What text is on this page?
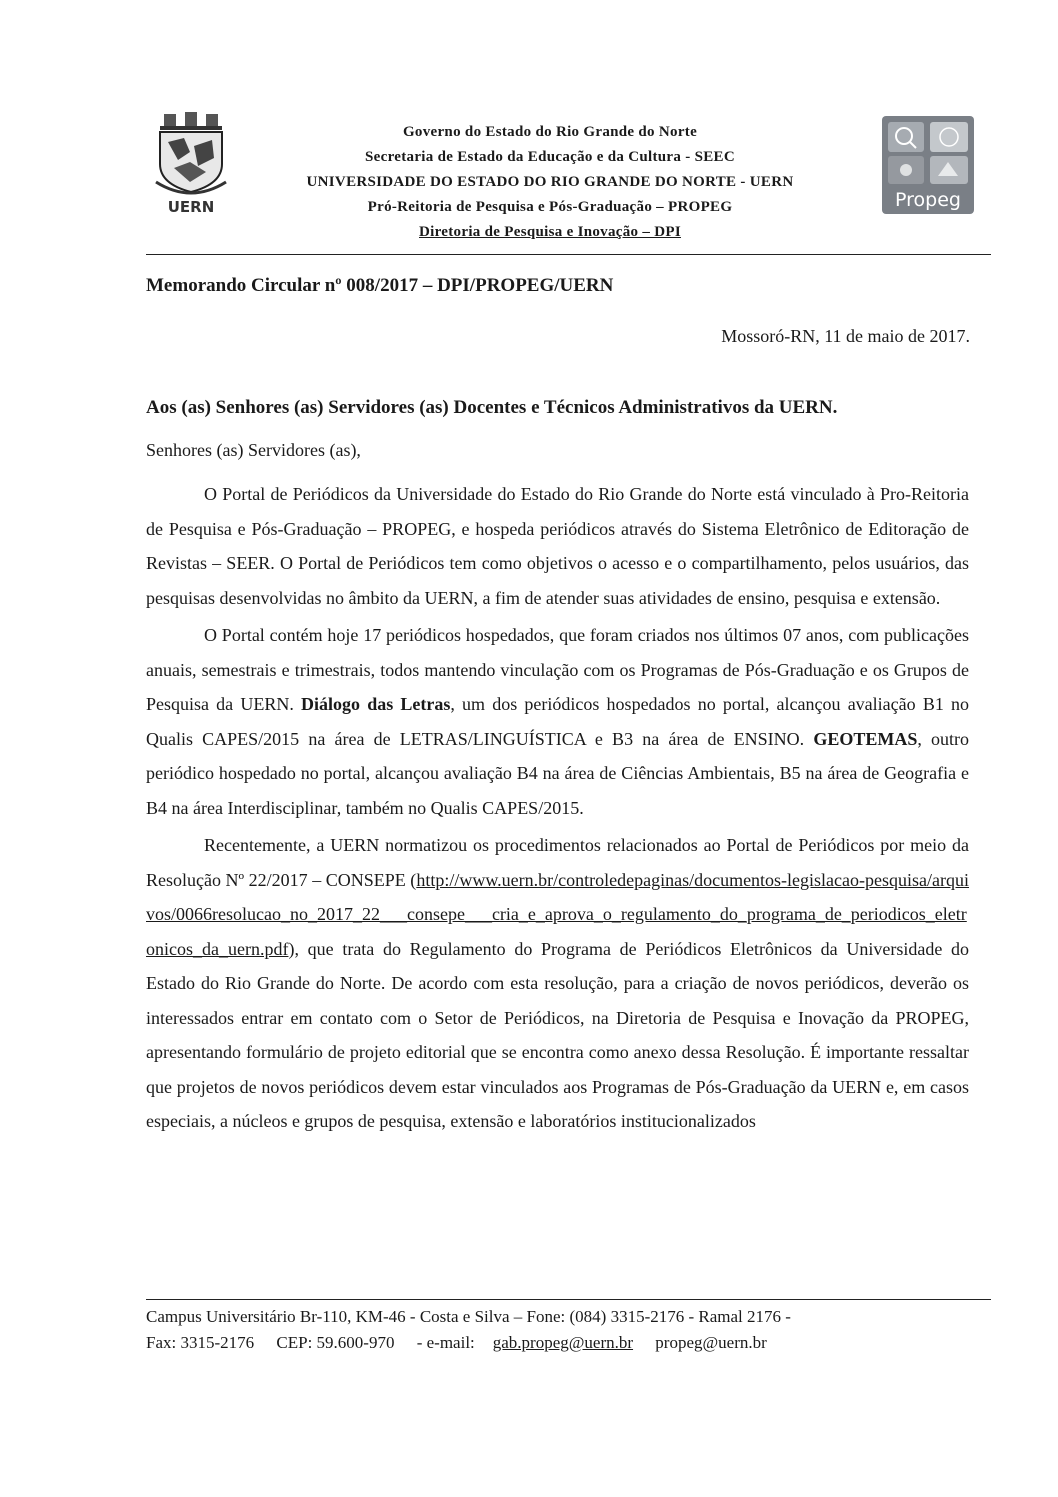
UERN
Governo do Estado do Rio Grande do Norte
Secretaria de Estado da Educação e da Cultura - SEEC
UNIVERSIDADE DO ESTADO DO RIO GRANDE DO NORTE - UERN
Pró-Reitoria de Pesquisa e Pós-Graduação – PROPEG
Diretoria de Pesquisa e Inovação – DPI
Propeg
Memorando Circular nº 008/2017 – DPI/PROPEG/UERN
Mossoró-RN, 11 de maio de 2017.
Aos (as) Senhores (as) Servidores (as) Docentes e Técnicos Administrativos da UERN.
Senhores (as) Servidores (as),

O Portal de Periódicos da Universidade do Estado do Rio Grande do Norte está vinculado à Pro-Reitoria de Pesquisa e Pós-Graduação – PROPEG, e hospeda periódicos através do Sistema Eletrônico de Editoração de Revistas – SEER. O Portal de Periódicos tem como objetivos o acesso e o compartilhamento, pelos usuários, das pesquisas desenvolvidas no âmbito da UERN, a fim de atender suas atividades de ensino, pesquisa e extensão.

O Portal contém hoje 17 periódicos hospedados, que foram criados nos últimos 07 anos, com publicações anuais, semestrais e trimestrais, todos mantendo vinculação com os Programas de Pós-Graduação e os Grupos de Pesquisa da UERN. Diálogo das Letras, um dos periódicos hospedados no portal, alcançou avaliação B1 no Qualis CAPES/2015 na área de LETRAS/LINGUÍSTICA e B3 na área de ENSINO. GEOTEMAS, outro periódico hospedado no portal, alcançou avaliação B4 na área de Ciências Ambientais, B5 na área de Geografia e B4 na área Interdisciplinar, também no Qualis CAPES/2015.

Recentemente, a UERN normatizou os procedimentos relacionados ao Portal de Periódicos por meio da Resolução Nº 22/2017 – CONSEPE (http://www.uern.br/controledepaginas/documentos-legislacao-pesquisa/arquivos/0066resolucao_no_2017_22___consepe___cria_e_aprova_o_regulamento_do_programa_de_periodicos_eletronicos_da_uern.pdf), que trata do Regulamento do Programa de Periódicos Eletrônicos da Universidade do Estado do Rio Grande do Norte. De acordo com esta resolução, para a criação de novos periódicos, deverão os interessados entrar em contato com o Setor de Periódicos, na Diretoria de Pesquisa e Inovação da PROPEG, apresentando formulário de projeto editorial que se encontra como anexo dessa Resolução. É importante ressaltar que projetos de novos periódicos devem estar vinculados aos Programas de Pós-Graduação da UERN e, em casos especiais, a núcleos e grupos de pesquisa, extensão e laboratórios institucionalizados

Campus Universitário Br-110, KM-46 - Costa e Silva – Fone: (084) 3315-2176 - Ramal 2176 -
Fax: 3315-2176 CEP: 59.600-970 - e-mail: gab.propeg@uern.br propeg@uern.br
